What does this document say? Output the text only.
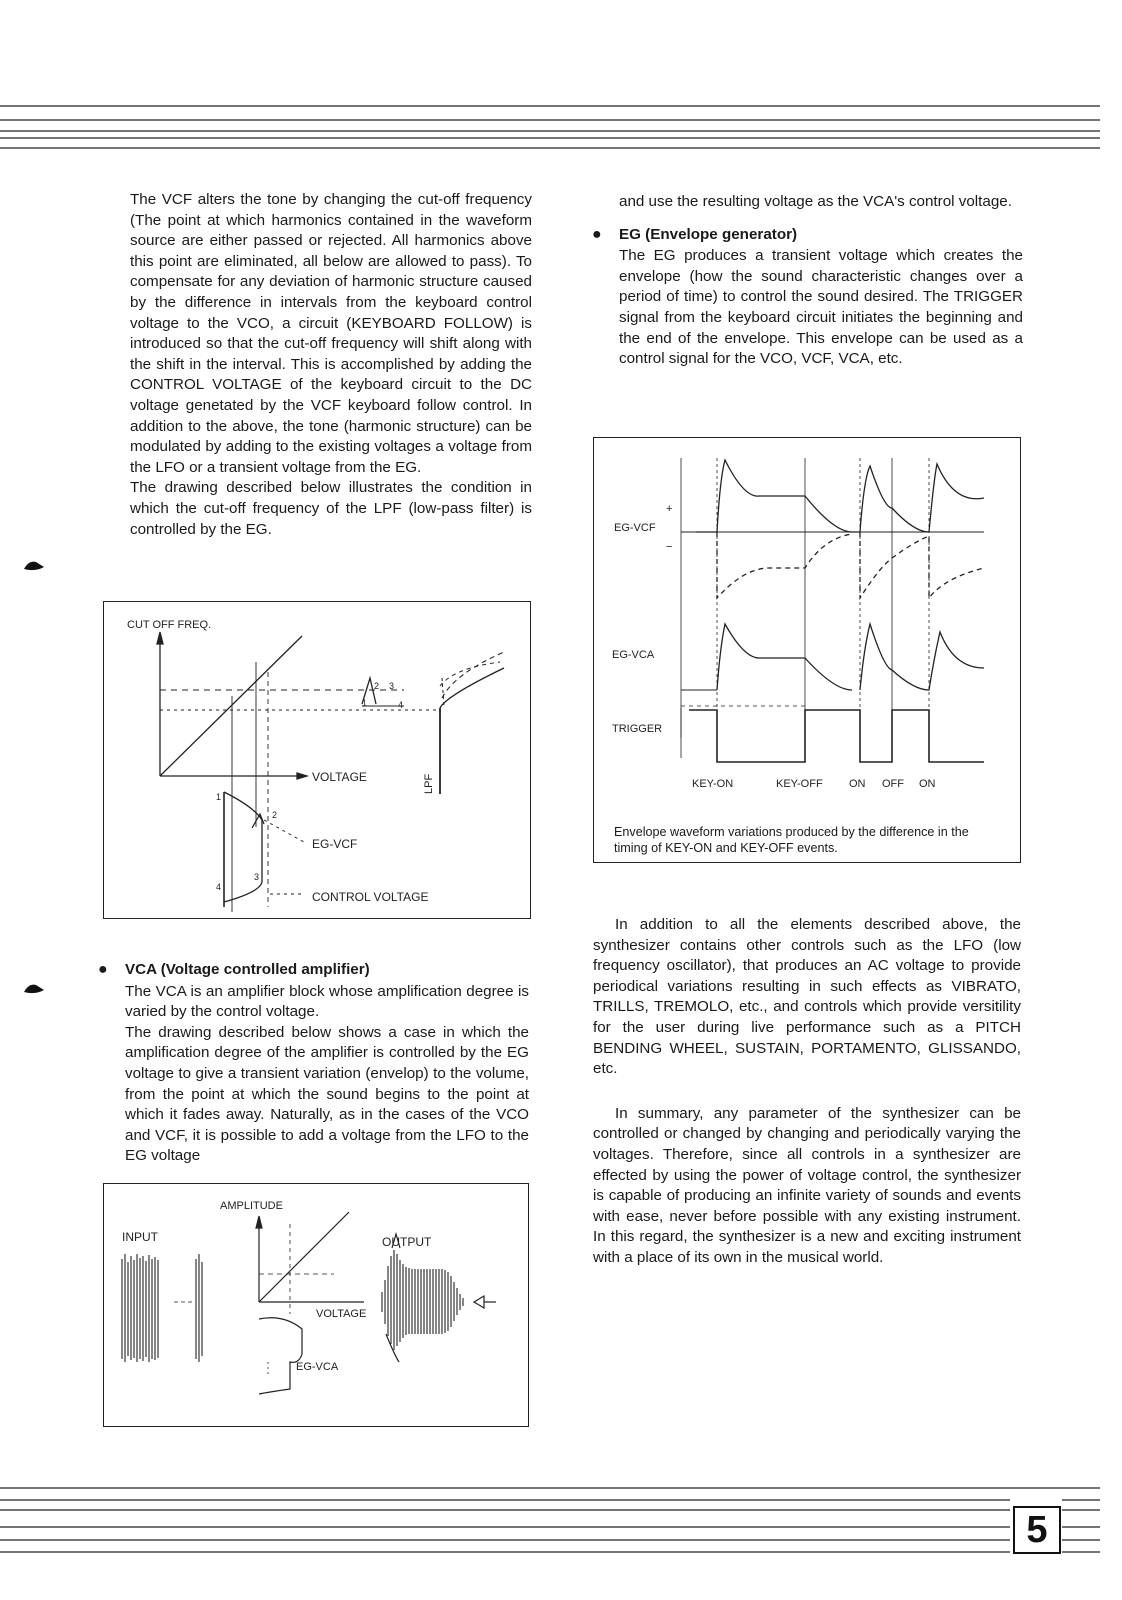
The VCF alters the tone by changing the cut-off frequency (The point at which harmonics contained in the waveform source are either passed or rejected. All harmonics above this point are eliminated, all below are allowed to pass). To compensate for any deviation of harmonic structure caused by the difference in intervals from the keyboard control voltage to the VCO, a circuit (KEYBOARD FOLLOW) is introduced so that the cut-off frequency will shift along with the shift in the interval. This is accomplished by adding the CONTROL VOLTAGE of the keyboard circuit to the DC voltage genetated by the VCF keyboard follow control. In addition to the above, the tone (harmonic structure) can be modulated by adding to the existing voltages a voltage from the LFO or a transient voltage from the EG.

The drawing described below illustrates the condition in which the cut-off frequency of the LPF (low-pass filter) is controlled by the EG.

CUT OFF FREQ.
2 3
1	4
1
2
3
4
VOLTAGE	LPF
EG-VCF
CONTROL VOLTAGE
● VCA (Voltage controlled amplifier)

The VCA is an amplifier block whose amplification degree is varied by the control voltage.

The drawing described below shows a case in which the amplification degree of the amplifier is controlled by the EG voltage to give a transient variation (envelop) to the volume, from the point at which the sound begins to the point at which it fades away. Naturally, as in the cases of the VCO and VCF, it is possible to add a voltage from the LFO to the EG voltage

AMPLITUDE
INPUT	OUTPUT
VOLTAGE
EG-VCA

and use the resulting voltage as the VCA's control voltage.

● EG (Envelope generator)

The EG produces a transient voltage which creates the envelope (how the sound characteristic changes over a period of time) to control the sound desired. The TRIGGER signal from the keyboard circuit initiates the beginning and the end of the envelope. This envelope can be used as a control signal for the VCO, VCF, VCA, etc.

EG-VCF
+
−
EG-VCA
TRIGGER
KEY-ON	KEY-OFF ON OFF ON
Envelope waveform variations produced by the difference in the timing of KEY-ON and KEY-OFF events.

In addition to all the elements described above, the synthesizer contains other controls such as the LFO (low frequency oscillator), that produces an AC voltage to provide periodical variations resulting in such effects as VIBRATO, TRILLS, TREMOLO, etc., and controls which provide versitility for the user during live performance such as a PITCH BENDING WHEEL, SUSTAIN, PORTAMENTO, GLISSANDO, etc.

In summary, any parameter of the synthesizer can be controlled or changed by changing and periodically varying the voltages. Therefore, since all controls in a synthesizer are effected by using the power of voltage control, the synthesizer is capable of producing an infinite variety of sounds and events with ease, never before possible with any existing instrument. In this regard, the synthesizer is a new and exciting instrument with a place of its own in the musical world.

5
